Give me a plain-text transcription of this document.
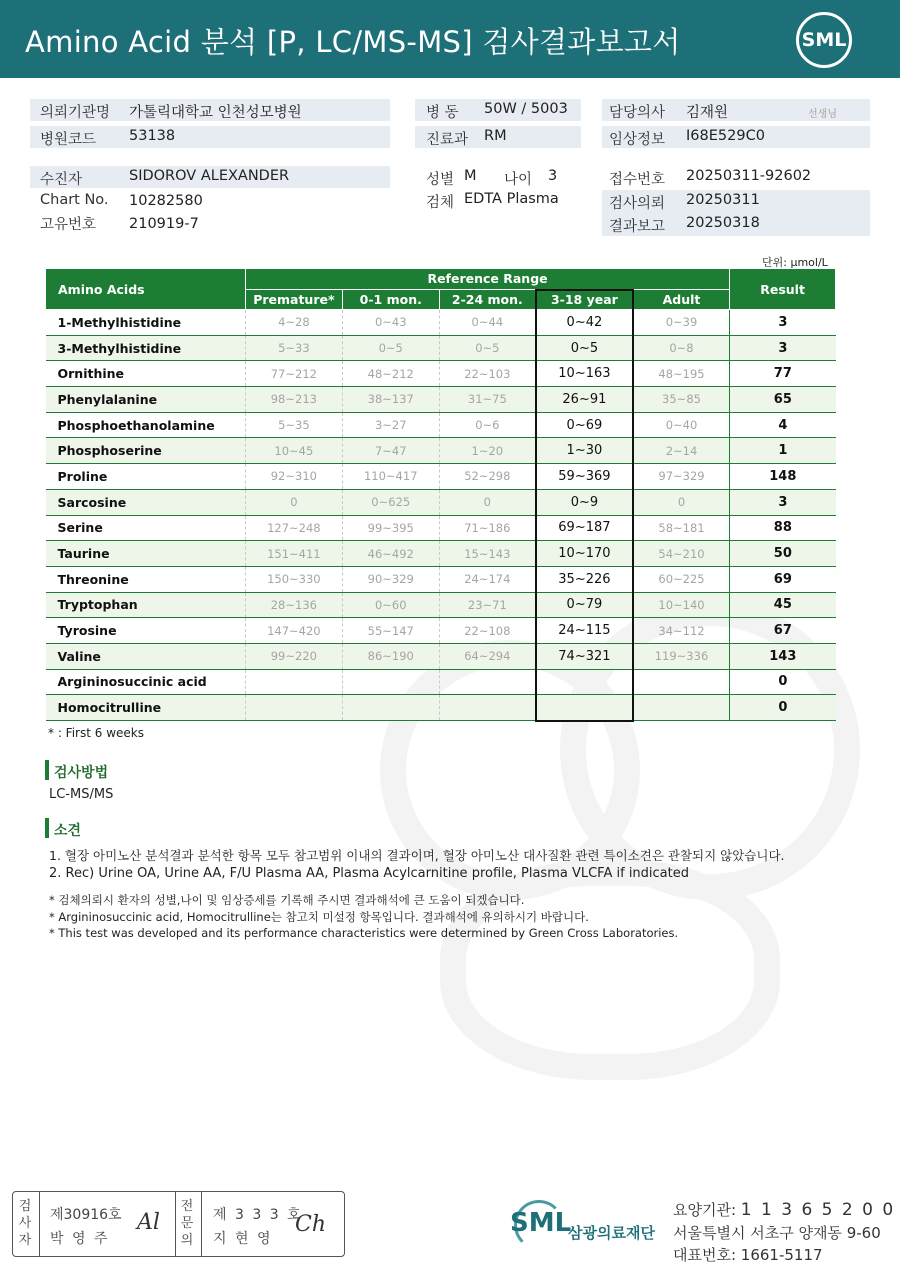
Amino Acid 분석 [P, LC/MS-MS] 검사결과보고서	SML
의뢰기관명 가톨릭대학교 인천성모병원
병원코드 53138
병 동 50W / 5003
진료과 RM
담당의사 김재원	선생님
임상정보 I68E529C0
수진자	SIDOROV ALEXANDER
Chart No. 10282580
고유번호 210919-7
성별 M 나이 3
검체 EDTA Plasma
접수번호 20250311-92602
검사의뢰 20250311
결과보고 20250318
단위: μmol/L
Amino Acids	Reference Range					Result
	Premature*	0-1 mon.	2-24 mon.	3-18 year	Adult	
1-Methylhistidine	4~28	0~43	0~44	0~42	0~39	3
3-Methylhistidine	5~33	0~5	0~5	0~5	0~8	3
Ornithine	77~212	48~212	22~103	10~163	48~195	77
Phenylalanine	98~213	38~137	31~75	26~91	35~85	65
Phosphoethanolamine	5~35	3~27	0~6	0~69	0~40	4
Phosphoserine	10~45	7~47	1~20	1~30	2~14	1
Proline	92~310	110~417	52~298	59~369	97~329	148
Sarcosine	0	0~625	0	0~9	0	3
Serine	127~248	99~395	71~186	69~187	58~181	88
Taurine	151~411	46~492	15~143	10~170	54~210	50
Threonine	150~330	90~329	24~174	35~226	60~225	69
Tryptophan	28~136	0~60	23~71	0~79	10~140	45
Tyrosine	147~420	55~147	22~108	24~115	34~112	67
Valine	99~220	86~190	64~294	74~321	119~336	143
Argininosuccinic acid						0
Homocitrulline						0
* : First 6 weeks
검사방법
LC-MS/MS
소견
1. 혈장 아미노산 분석결과 분석한 항목 모두 참고범위 이내의 결과이며, 혈장 아미노산 대사질환 관련 특이소견은 관찰되지 않았습니다.
2. Rec) Urine OA, Urine AA, F/U Plasma AA, Plasma Acylcarnitine profile, Plasma VLCFA if indicated
* 검체의뢰시 환자의 성별,나이 및 임상증세를 기록해 주시면 결과해석에 큰 도움이 되겠습니다.
* Argininosuccinic acid, Homocitrulline는 참고치 미설정 항목입니다. 결과해석에 유의하시기 바랍니다.
* This test was developed and its performance characteristics were determined by Green Cross Laboratories.
검
사
자
제30916호
박 영 주
Al
전
문
의
제 3 3 3 호
지 현 영
Ch	SML
삼광의료재단
요양기관: 1 1 3 6 5 2 0 0
서울특별시 서초구 양재동 9-60
대표번호: 1661-5117
